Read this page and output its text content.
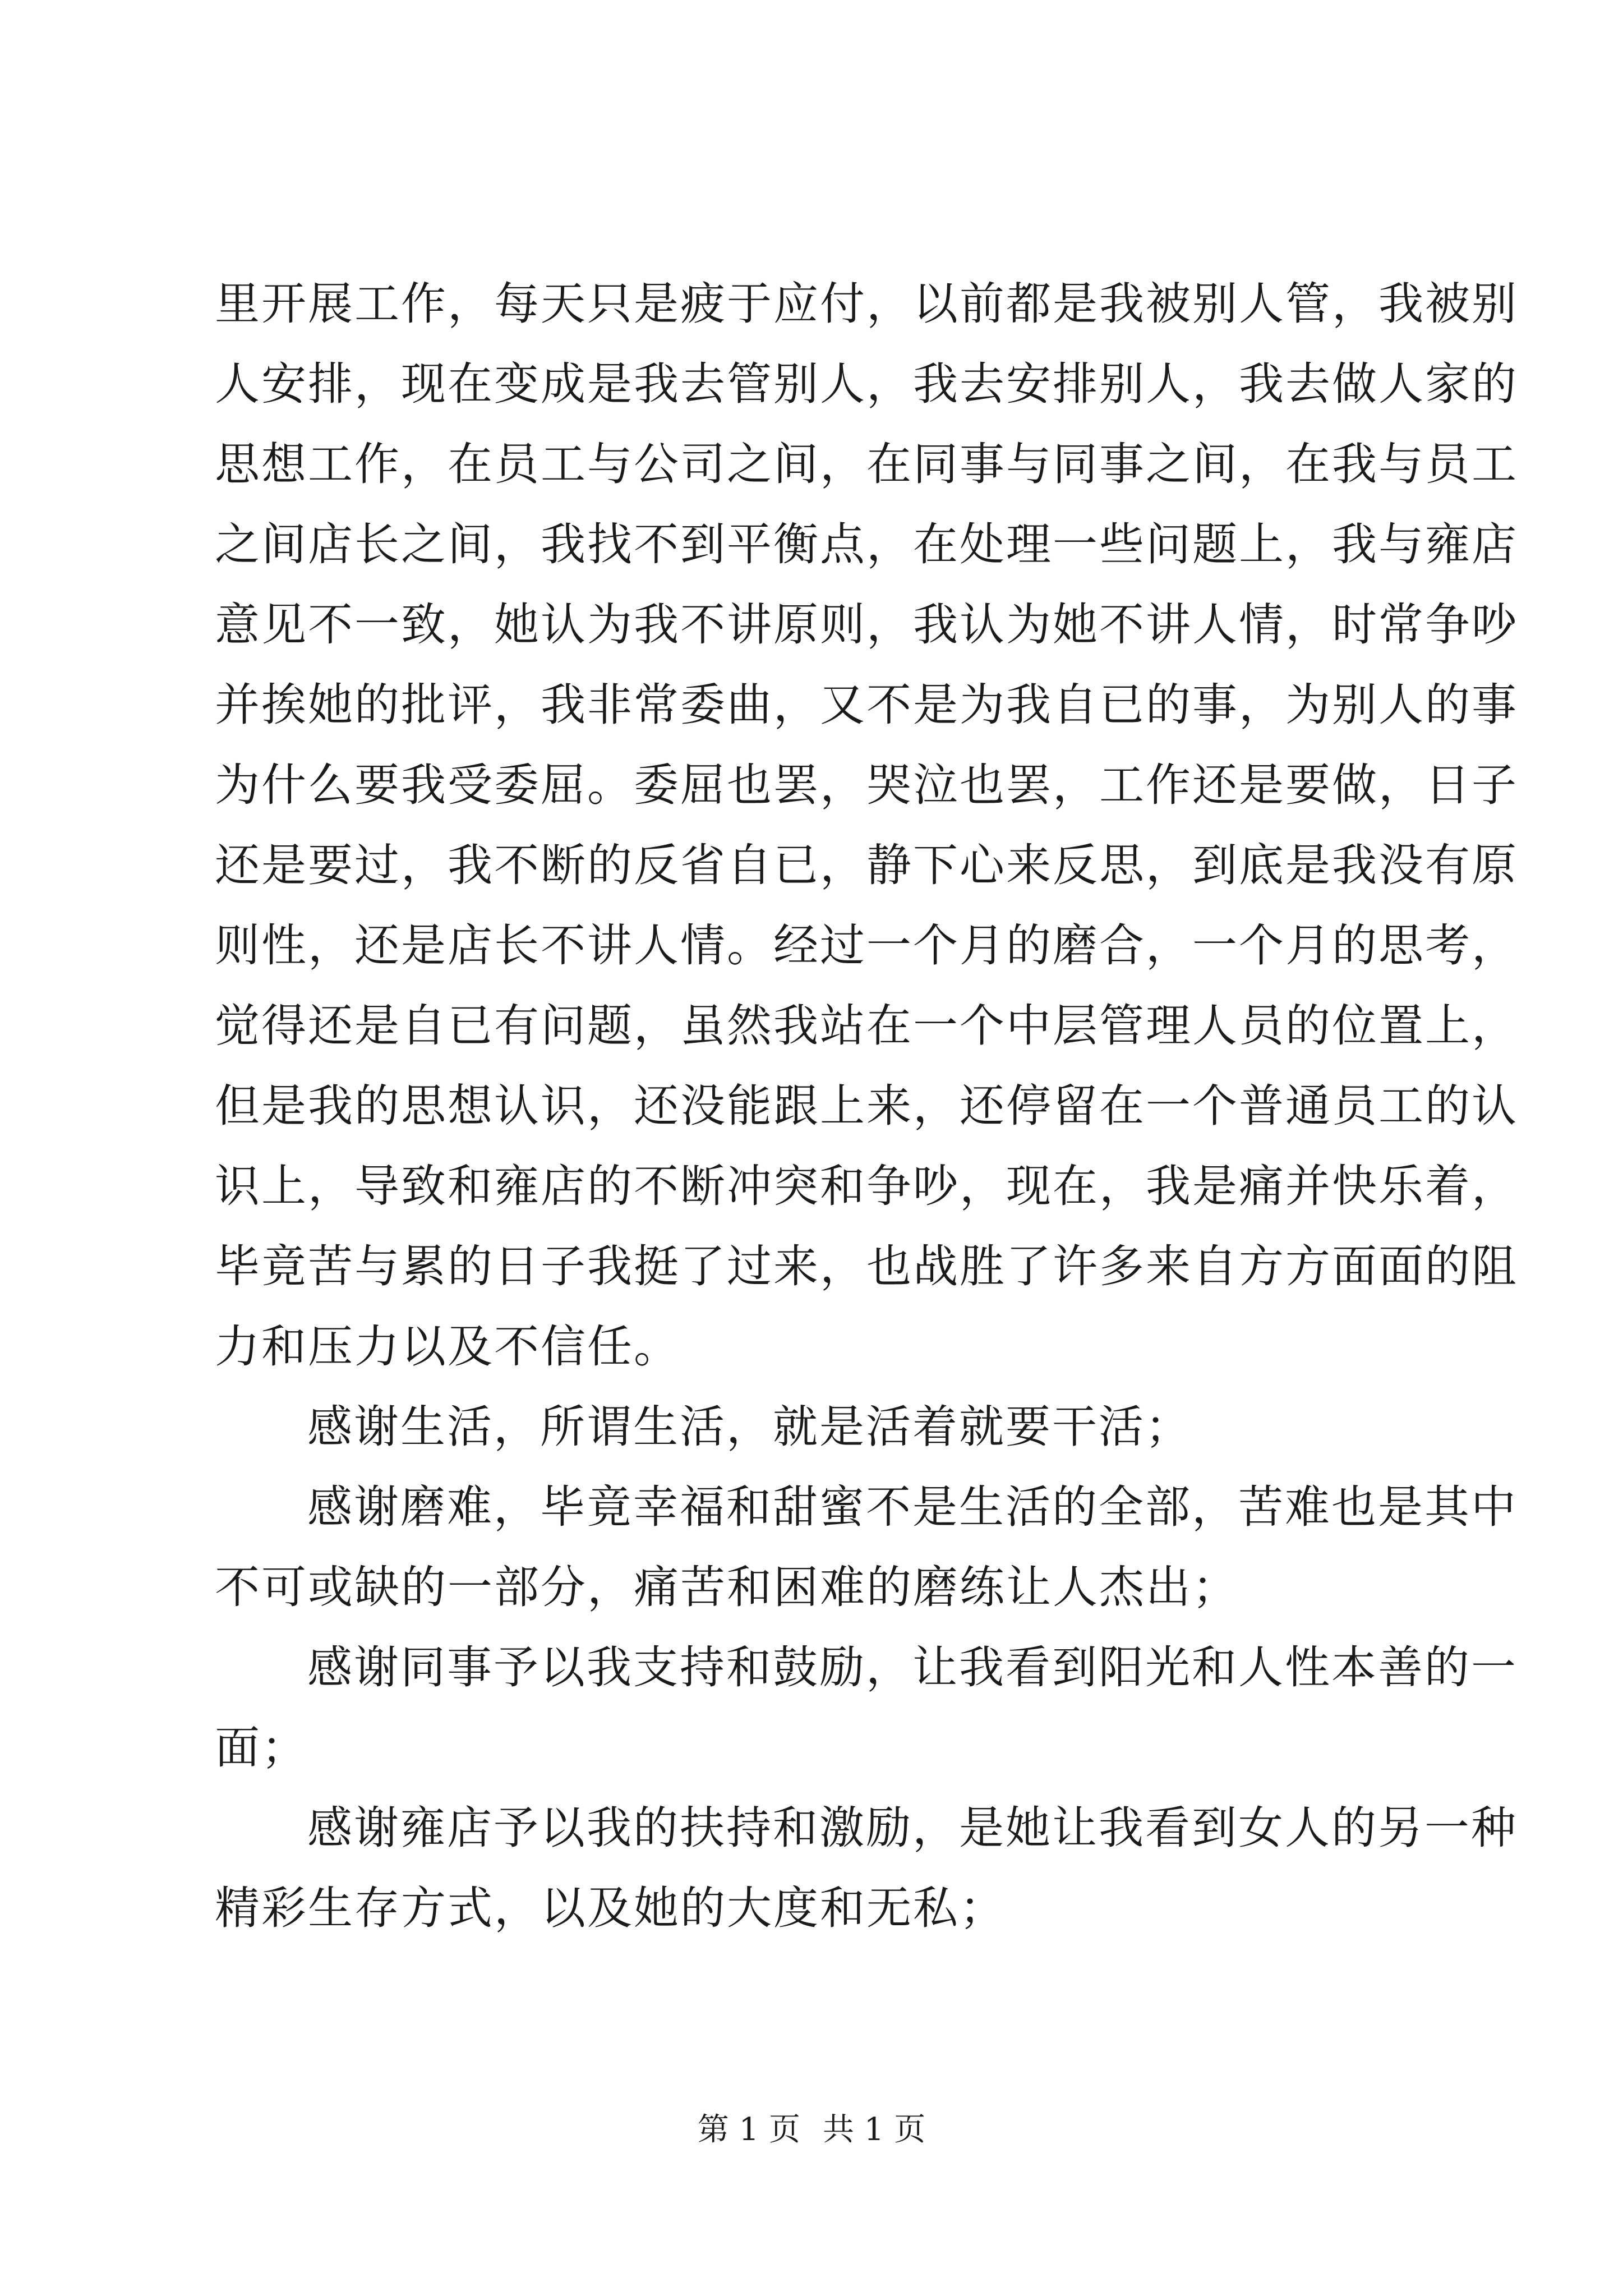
里开展工作，每天只是疲于应付，以前都是我被别人管，我被别
人安排，现在变成是我去管别人，我去安排别人，我去做人家的
思想工作，在员工与公司之间，在同事与同事之间，在我与员工
之间店长之间，我找不到平衡点，在处理一些问题上，我与雍店
意见不一致，她认为我不讲原则，我认为她不讲人情，时常争吵
并挨她的批评，我非常委曲，又不是为我自已的事，为别人的事
为什么要我受委屈。委屈也罢，哭泣也罢，工作还是要做，日子
还是要过，我不断的反省自已，静下心来反思，到底是我没有原
则性，还是店长不讲人情。经过一个月的磨合，一个月的思考，
觉得还是自已有问题，虽然我站在一个中层管理人员的位置上，
但是我的思想认识，还没能跟上来，还停留在一个普通员工的认
识上，导致和雍店的不断冲突和争吵，现在，我是痛并快乐着，
毕竟苦与累的日子我挺了过来，也战胜了许多来自方方面面的阻
力和压力以及不信任。
感谢生活，所谓生活，就是活着就要干活；
感谢磨难，毕竟幸福和甜蜜不是生活的全部，苦难也是其中
不可或缺的一部分，痛苦和困难的磨练让人杰出；
感谢同事予以我支持和鼓励，让我看到阳光和人性本善的一
面；
感谢雍店予以我的扶持和激励，是她让我看到女人的另一种
精彩生存方式，以及她的大度和无私；
第 1 页 共 1 页
